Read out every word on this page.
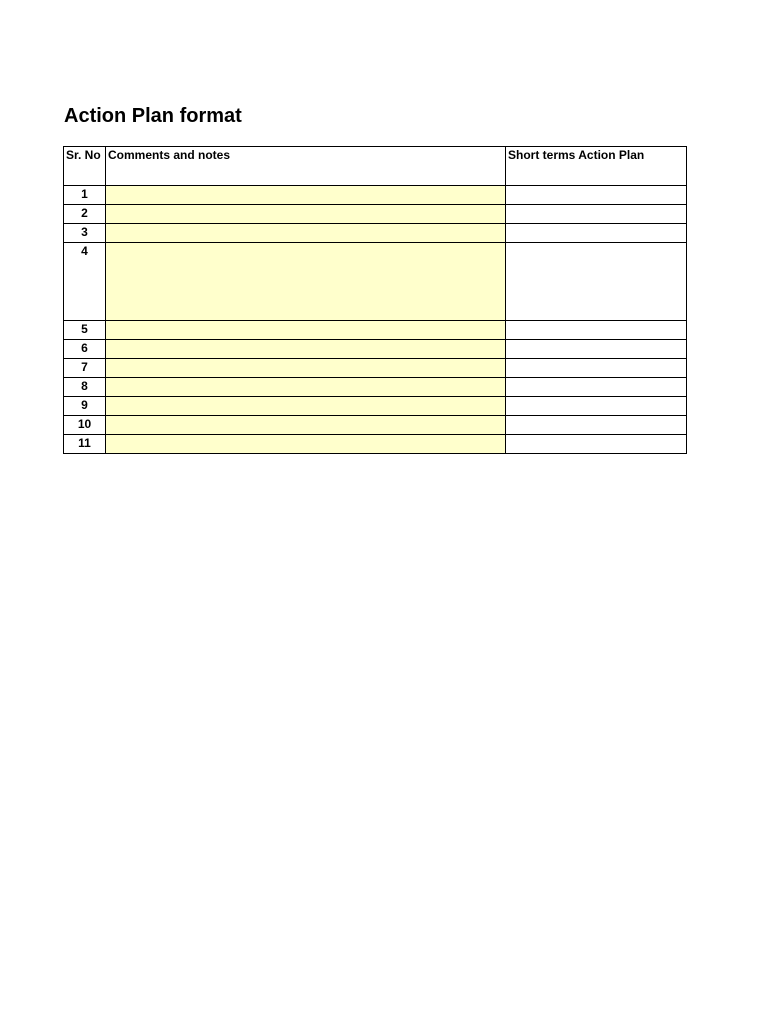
Action Plan format
Sr. No	Comments and notes	Short terms Action Plan
1		
2		
3		
4		
5		
6		
7		
8		
9		
10		
11		
